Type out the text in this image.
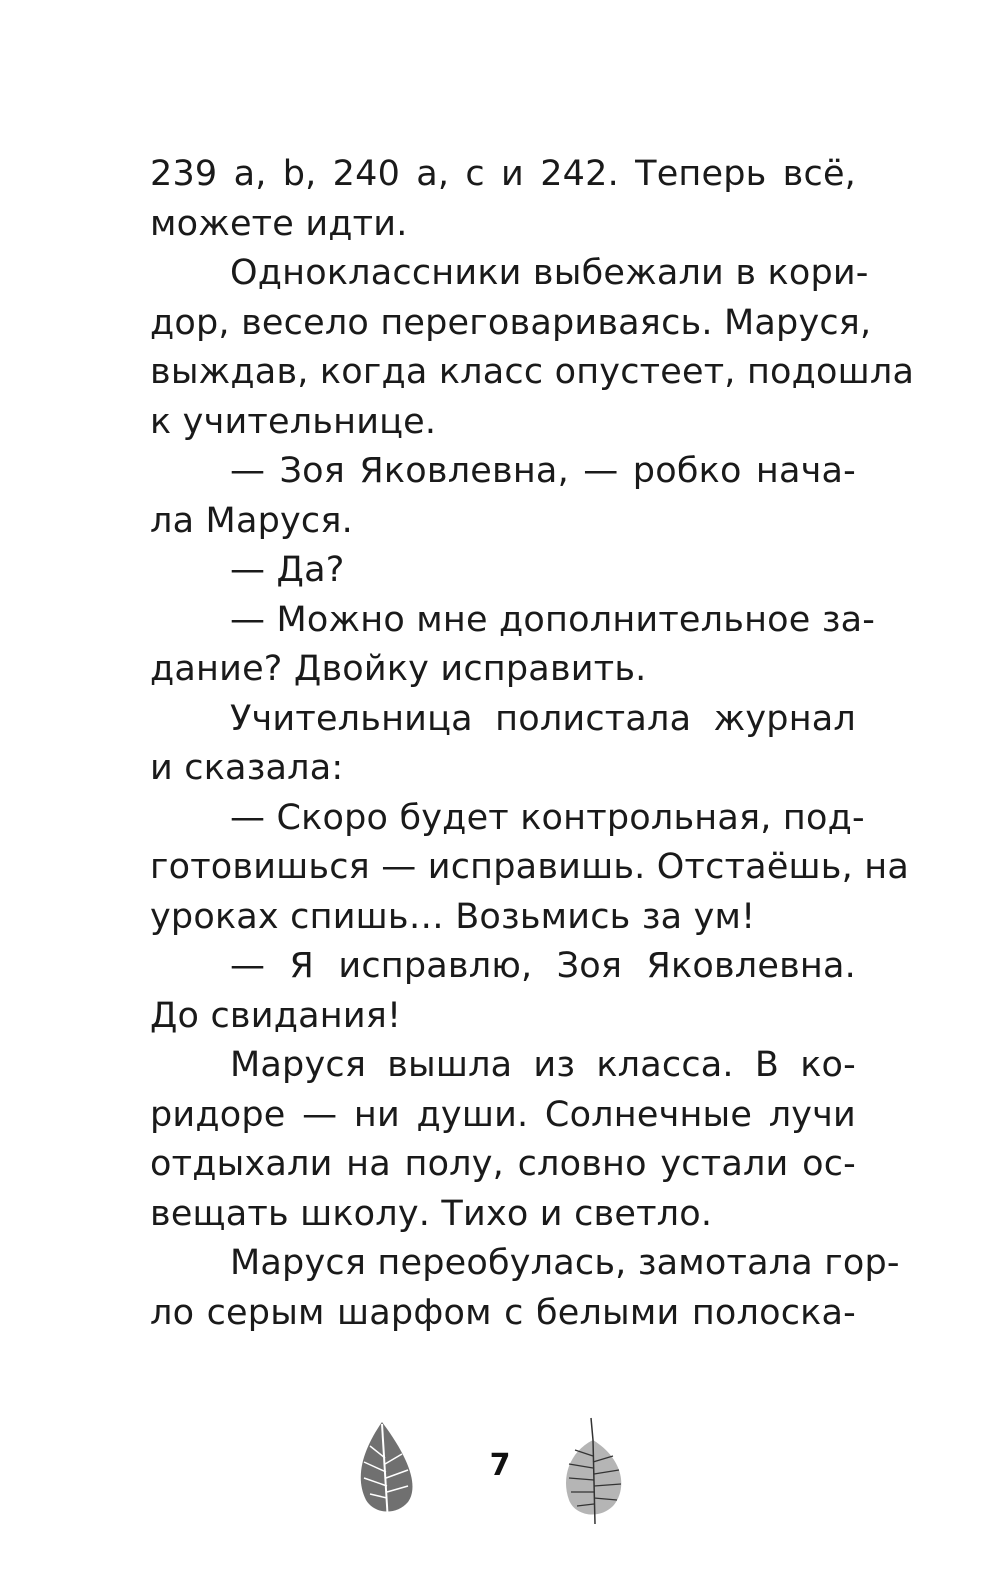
239 a, b, 240 a, c и 242. Теперь всё,
можете идти.
Одноклассники выбежали в кори-
дор, весело переговариваясь. Маруся,
выждав, когда класс опустеет, подошла
к учительнице.
— Зоя Яковлевна, — робко нача-
ла Маруся.
— Да?
— Можно мне дополнительное за-
дание? Двойку исправить.
Учительница полистала журнал
и сказала:
— Скоро будет контрольная, под-
готовишься — исправишь. Отстаёшь, на
уроках спишь… Возьмись за ум!
— Я исправлю, Зоя Яковлевна.
До свидания!
Маруся вышла из класса. В ко-
ридоре — ни души. Солнечные лучи
отдыхали на полу, словно устали ос-
вещать школу. Тихо и светло.
Маруся переобулась, замотала гор-
ло серым шарфом с белыми полоска-
7
